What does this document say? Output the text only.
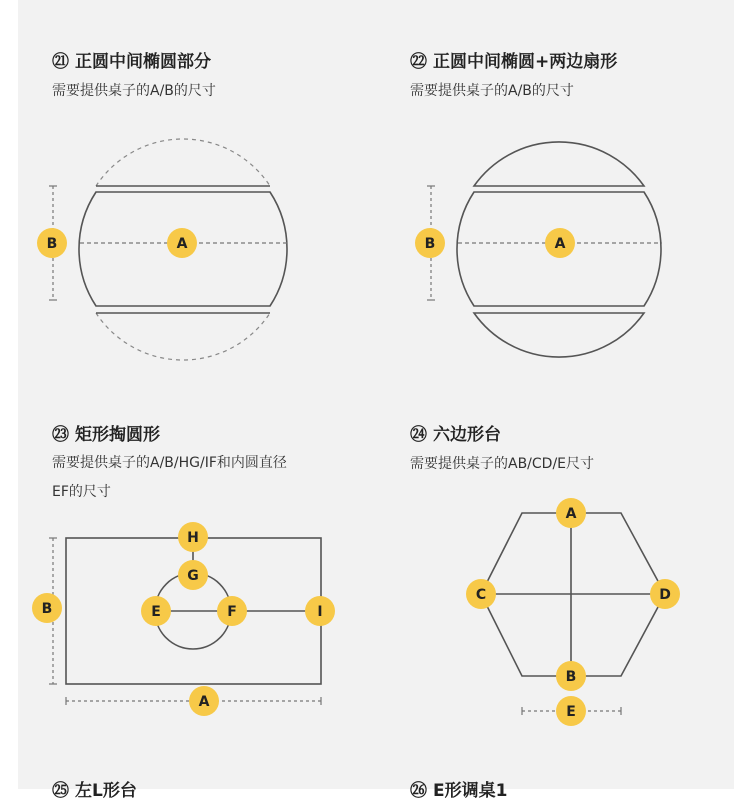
㉑ 正圆中间椭圆部分
需要提供桌子的A/B的尺寸
㉒ 正圆中间椭圆+两边扇形
需要提供桌子的A/B的尺寸
㉓ 矩形掏圆形
需要提供桌子的A/B/HG/IF和内圆直径
EF的尺寸
㉔ 六边形台
需要提供桌子的AB/CD/E尺寸
㉕ 左L形台	㉖ E形调桌1
B	A	B	A
H
G
B	E	F	I
A
A
C	D
B
E
